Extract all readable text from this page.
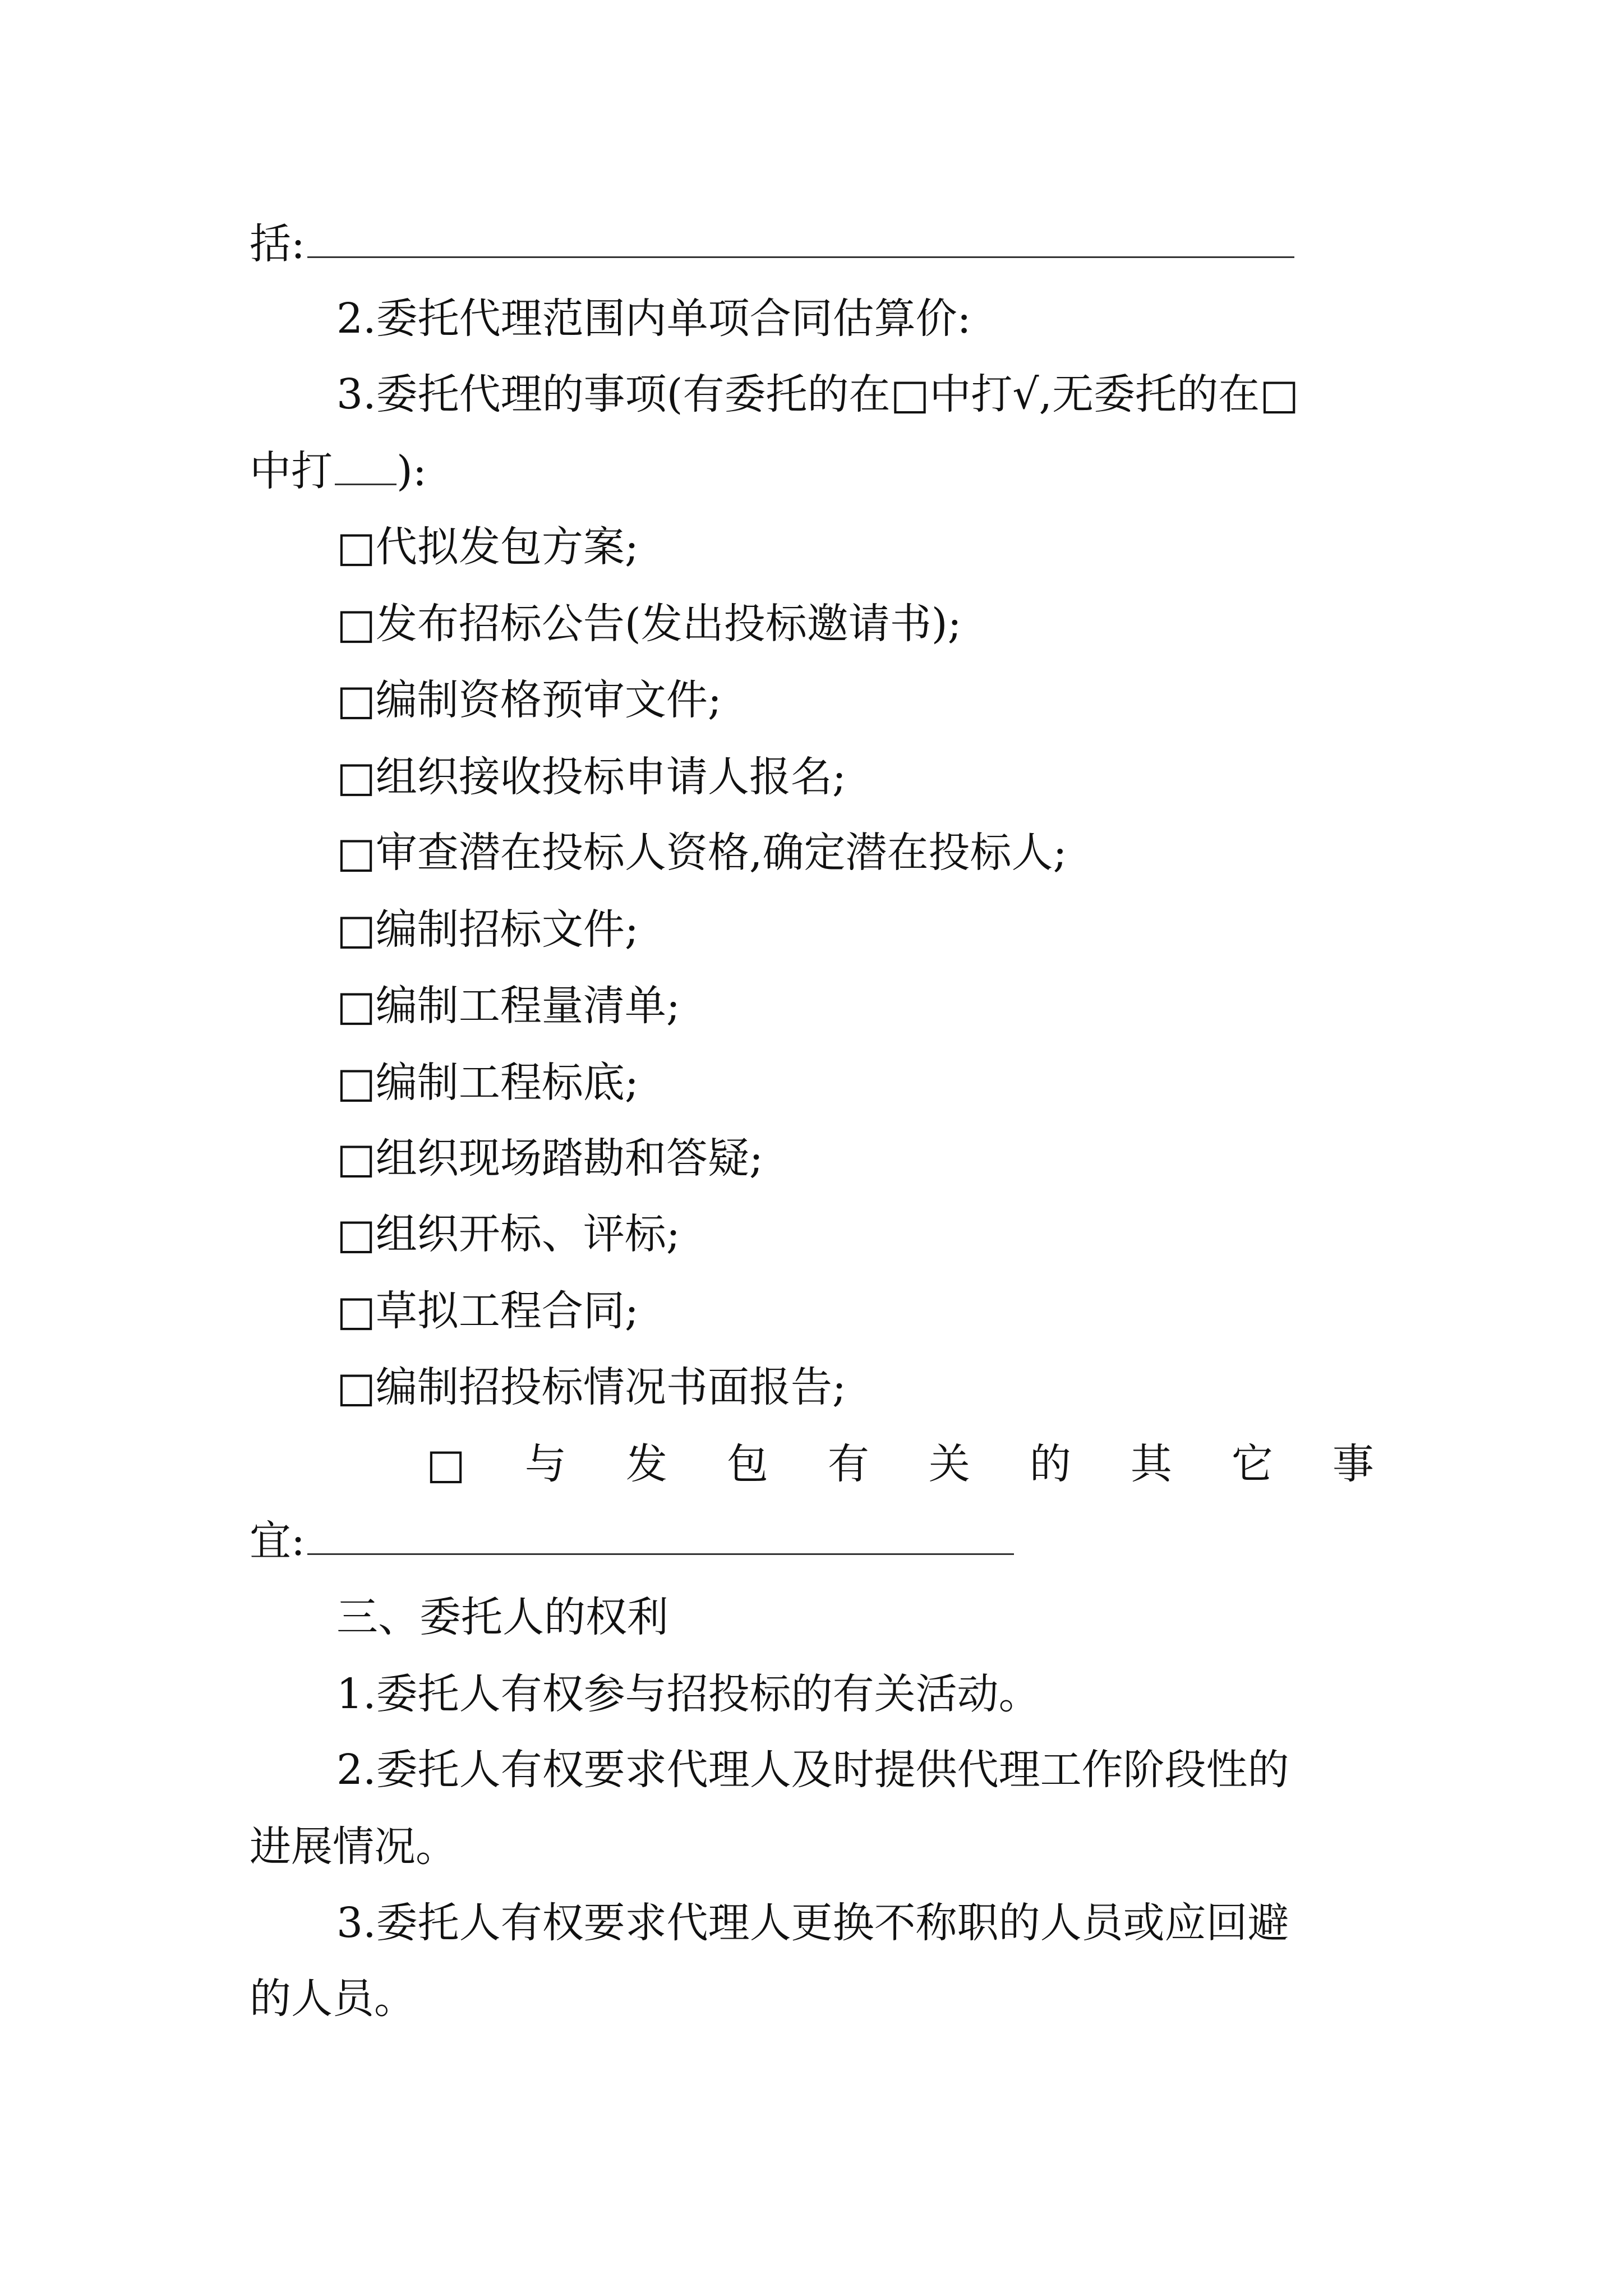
括:
2.委托代理范围内单项合同估算价:
3.委托代理的事项(有委托的在□中打√,无委托的在□
中打 ):
□代拟发包方案;
□发布招标公告(发出投标邀请书);
□编制资格预审文件;
□组织接收投标申请人报名;
□审查潜在投标人资格,确定潜在投标人;
□编制招标文件;
□编制工程量清单;
□编制工程标底;
□组织现场踏勘和答疑;
□组织开标、评标;
□草拟工程合同;
□编制招投标情况书面报告;
□ 与 发 包 有 关 的 其 它 事
宜:
三、委托人的权利
1.委托人有权参与招投标的有关活动。
2.委托人有权要求代理人及时提供代理工作阶段性的
进展情况。
3.委托人有权要求代理人更换不称职的人员或应回避
的人员。
